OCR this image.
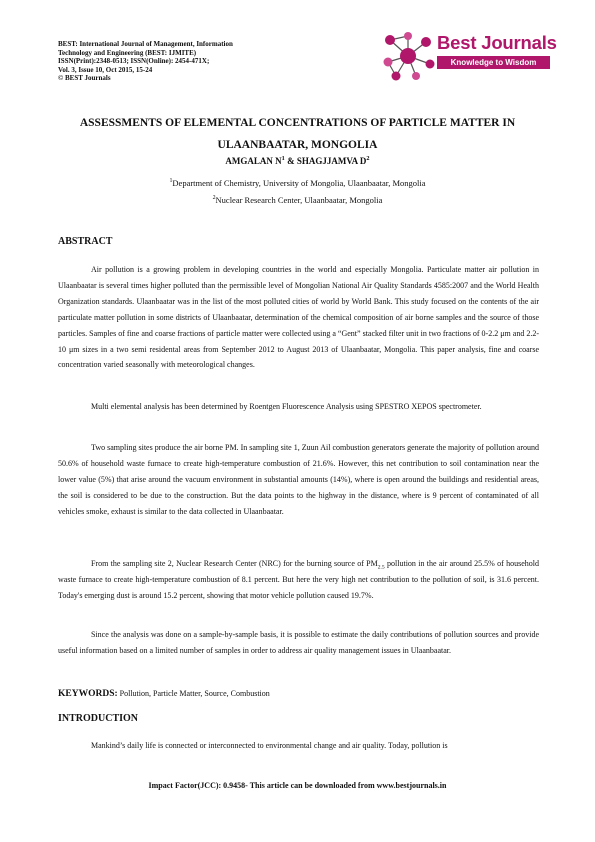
BEST: International Journal of Management, Information
Technology and Engineering (BEST: IJMITE)
ISSN(Print):2348-0513; ISSN(Online): 2454-471X;
Vol. 3, Issue 10, Oct 2015, 15-24
© BEST Journals
Best Journals
Knowledge to Wisdom
ASSESSMENTS OF ELEMENTAL CONCENTRATIONS OF PARTICLE MATTER IN
ULAANBAATAR, MONGOLIA
AMGALAN $N^1$ & SHAGJJAMVA $D^2$
$^1$Department of Chemistry, University of Mongolia, Ulaanbaatar, Mongolia
$^2$Nuclear Research Center, Ulaanbaatar, Mongolia
ABSTRACT

Air pollution is a growing problem in developing countries in the world and especially Mongolia. Particulate matter air pollution in Ulaanbaatar is several times higher polluted than the permissible level of Mongolian National Air Quality Standards 4585:2007 and the World Health Organization standards. Ulaanbaatar was in the list of the most polluted cities of world by World Bank. This study focused on the contents of the air particulate matter pollution in some districts of Ulaanbaatar, determination of the chemical composition of air borne samples and the source of those particles. Samples of fine and coarse fractions of particle matter were collected using a “Gent” stacked filter unit in two fractions of 0-2.2 μm and 2.2-10 μm sizes in a two semi residental areas from September 2012 to August 2013 of Ulaanbaatar, Mongolia. This paper analysis, fine and coarse concentration varied seasonally with meteorological changes.

Multi elemental analysis has been determined by Roentgen Fluorescence Analysis using SPESTRO XEPOS spectrometer.

Two sampling sites produce the air borne PM. In sampling site 1, Zuun Ail combustion generators generate the majority of pollution around 50.6% of household waste furnace to create high-temperature combustion of 21.6%. However, this net contribution to soil contamination near the lower value (5%) that arise around the vacuum environment in substantial amounts (14%), where is open around the buildings and residential areas, the soil is considered to be due to the construction. But the data points to the highway in the distance, where is 9 percent of contaminated of all vehicles smoke, exhaust is similar to the data collected in Ulaanbaatar.

From the sampling site 2, Nuclear Research Center (NRC) for the burning source of $PM_{2.5}$ pollution in the air around 25.5% of household waste furnace to create high-temperature combustion of 8.1 percent. But here the very high net contribution to the pollution of soil, is 31.6 percent. Today's emerging dust is around 15.2 percent, showing that motor vehicle pollution caused 19.7%.

Since the analysis was done on a sample-by-sample basis, it is possible to estimate the daily contributions of pollution sources and provide useful information based on a limited number of samples in order to address air quality management issues in Ulaanbaatar.

KEYWORDS: Pollution, Particle Matter, Source, Combustion
INTRODUCTION

Mankind’s daily life is connected or interconnected to environmental change and air quality. Today, pollution is

Impact Factor(JCC): 0.9458- This article can be downloaded from www.bestjournals.in
